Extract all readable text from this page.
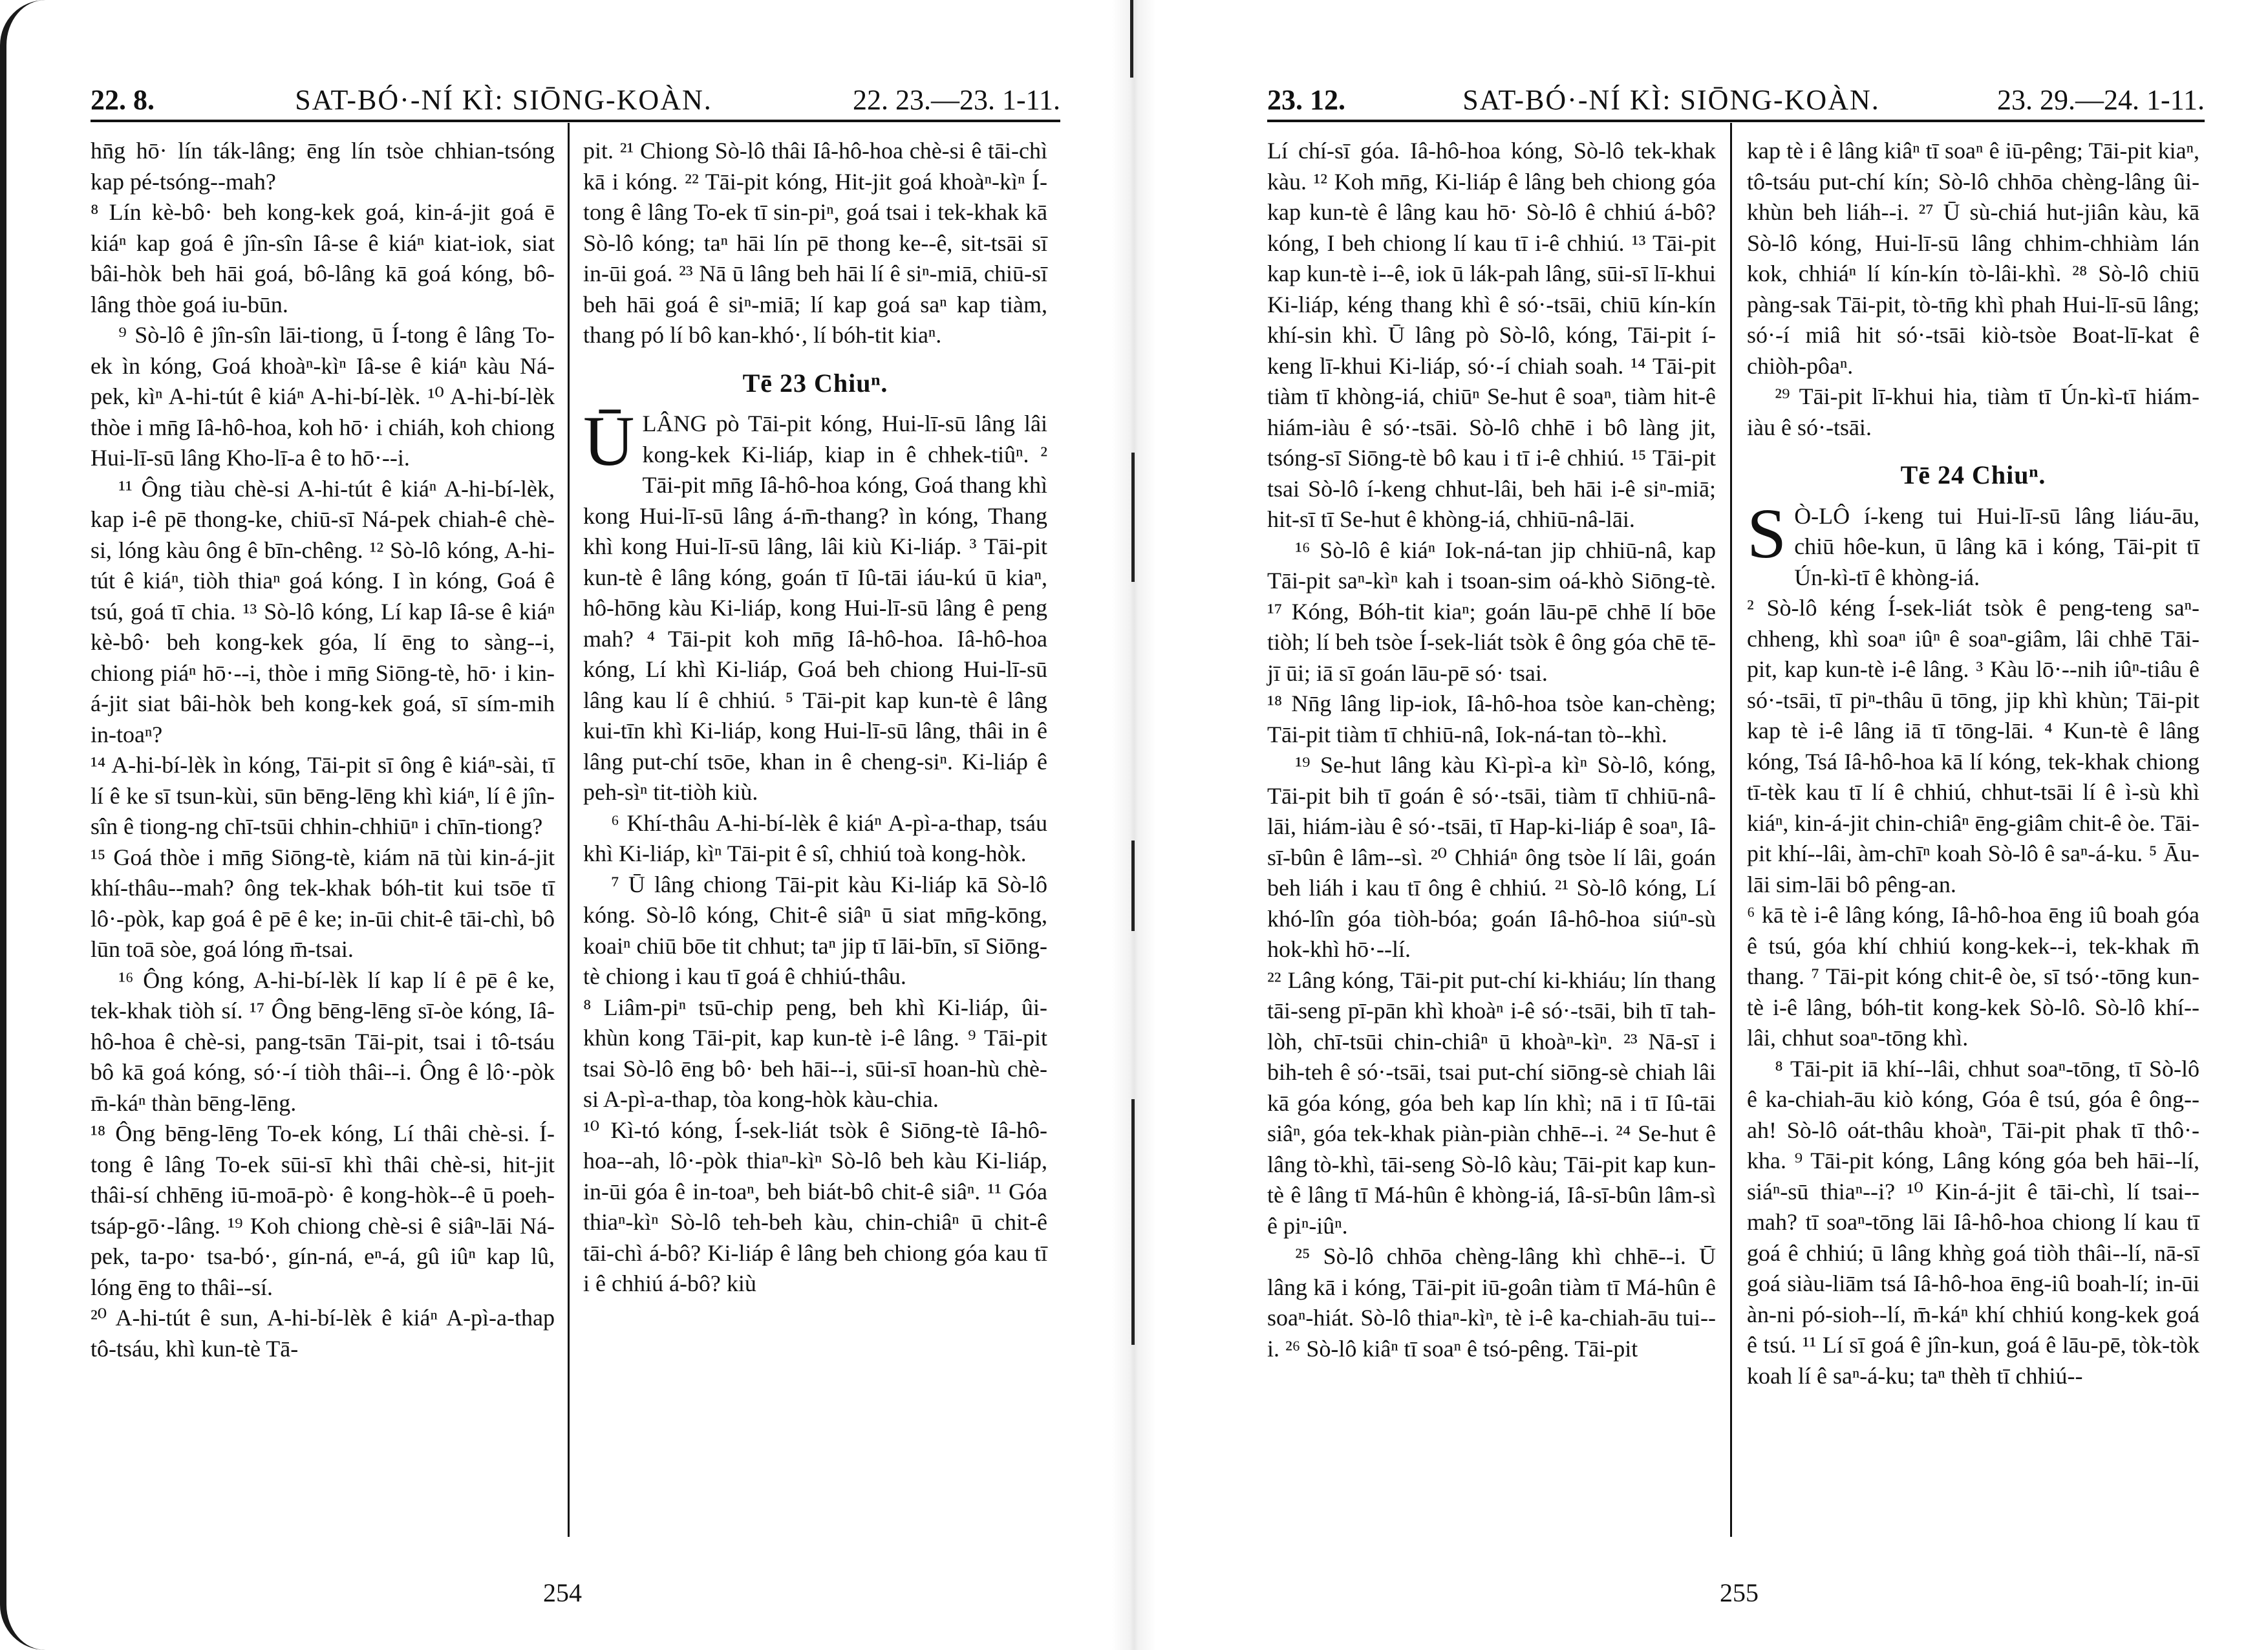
22. 8.	SAT-BÓ·-NÍ KÌ: SIŌNG-KOÀN.	22. 23.—23. 1-11.

hn̄g hō· lín ták-lâng; ēng lín tsòe chhian-tsóng kap pé-tsóng--mah?

⁸ Lín kè-bô· beh kong-kek goá, kin-á-jit goá ē kiáⁿ kap goá ê jîn-sîn Iâ-se ê kiáⁿ kiat-iok, siat bâi-hòk beh hāi goá, bô-lâng kā goá kóng, bô-lâng thòe goá iu-būn.

⁹ Sò-lô ê jîn-sîn lāi-tiong, ū Í-tong ê lâng To-ek ìn kóng, Goá khoàⁿ-kìⁿ Iâ-se ê kiáⁿ kàu Ná-pek, kìⁿ A-hi-tút ê kiáⁿ A-hi-bí-lèk. ¹⁰ A-hi-bí-lèk thòe i mn̄g Iâ-hô-hoa, koh hō· i chiáh, koh chiong Hui-lī-sū lâng Kho-lī-a ê to hō·--i.

¹¹ Ông tiàu chè-si A-hi-tút ê kiáⁿ A-hi-bí-lèk, kap i-ê pē thong-ke, chiū-sī Ná-pek chiah-ê chè-si, lóng kàu ông ê bīn-chêng. ¹² Sò-lô kóng, A-hi-tút ê kiáⁿ, tiòh thiaⁿ goá kóng. I ìn kóng, Goá ê tsú, goá tī chia. ¹³ Sò-lô kóng, Lí kap Iâ-se ê kiáⁿ kè-bô· beh kong-kek góa, lí ēng to sàng--i, chiong piáⁿ hō·--i, thòe i mn̄g Siōng-tè, hō· i kin-á-jit siat bâi-hòk beh kong-kek goá, sī sím-mih in-toaⁿ?

¹⁴ A-hi-bí-lèk ìn kóng, Tāi-pit sī ông ê kiáⁿ-sài, tī lí ê ke sī tsun-kùi, sūn bēng-lēng khì kiáⁿ, lí ê jîn-sîn ê tiong-ng chī-tsūi chhin-chhiūⁿ i chīn-tiong?

¹⁵ Goá thòe i mn̄g Siōng-tè, kiám nā tùi kin-á-jit khí-thâu--mah? ông tek-khak bóh-tit kui tsōe tī lô·-pòk, kap goá ê pē ê ke; in-ūi chit-ê tāi-chì, bô lūn toā sòe, goá lóng m̄-tsai.

¹⁶ Ông kóng, A-hi-bí-lèk lí kap lí ê pē ê ke, tek-khak tiòh sí. ¹⁷ Ông bēng-lēng sī-òe kóng, Iâ-hô-hoa ê chè-si, pang-tsān Tāi-pit, tsai i tô-tsáu bô kā goá kóng, só·-í tiòh thâi--i. Ông ê lô·-pòk m̄-káⁿ thàn bēng-lēng.

¹⁸ Ông bēng-lēng To-ek kóng, Lí thâi chè-si. Í-tong ê lâng To-ek sūi-sī khì thâi chè-si, hit-jit thâi-sí chhēng iū-moā-pò· ê kong-hòk--ê ū poeh-tsáp-gō·-lâng. ¹⁹ Koh chiong chè-si ê siâⁿ-lāi Ná-pek, ta-po· tsa-bó·, gín-ná, eⁿ-á, gû iûⁿ kap lû, lóng ēng to thâi--sí.

²⁰ A-hi-tút ê sun, A-hi-bí-lèk ê kiáⁿ A-pì-a-thap tô-tsáu, khì kun-tè Tā-

pit. ²¹ Chiong Sò-lô thâi Iâ-hô-hoa chè-si ê tāi-chì kā i kóng. ²² Tāi-pit kóng, Hit-jit goá khoàⁿ-kìⁿ Í-tong ê lâng To-ek tī sin-piⁿ, goá tsai i tek-khak kā Sò-lô kóng; taⁿ hāi lín pē thong ke--ê, sit-tsāi sī in-ūi goá. ²³ Nā ū lâng beh hāi lí ê siⁿ-miā, chiū-sī beh hāi goá ê siⁿ-miā; lí kap goá saⁿ kap tiàm, thang pó lí bô kan-khó·, lí bóh-tit kiaⁿ.

Tē 23 Chiuⁿ.

ŪLÂNG pò Tāi-pit kóng, Hui-lī-sū lâng lâi kong-kek Ki-liáp, kiap in ê chhek-tiûⁿ. ² Tāi-pit mn̄g Iâ-hô-hoa kóng, Goá thang khì kong Hui-lī-sū lâng á-m̄-thang? ìn kóng, Thang khì kong Hui-lī-sū lâng, lâi kiù Ki-liáp. ³ Tāi-pit kun-tè ê lâng kóng, goán tī Iû-tāi iáu-kú ū kiaⁿ, hô-hōng kàu Ki-liáp, kong Hui-lī-sū lâng ê peng mah? ⁴ Tāi-pit koh mn̄g Iâ-hô-hoa. Iâ-hô-hoa kóng, Lí khì Ki-liáp, Goá beh chiong Hui-lī-sū lâng kau lí ê chhiú. ⁵ Tāi-pit kap kun-tè ê lâng kui-tīn khì Ki-liáp, kong Hui-lī-sū lâng, thâi in ê lâng put-chí tsōe, khan in ê cheng-siⁿ. Ki-liáp ê peh-sìⁿ tit-tiòh kiù.

⁶ Khí-thâu A-hi-bí-lèk ê kiáⁿ A-pì-a-thap, tsáu khì Ki-liáp, kìⁿ Tāi-pit ê sî, chhiú toà kong-hòk.

⁷ Ū lâng chiong Tāi-pit kàu Ki-liáp kā Sò-lô kóng. Sò-lô kóng, Chit-ê siâⁿ ū siat mn̄g-kōng, koaiⁿ chiū bōe tit chhut; taⁿ jip tī lāi-bīn, sī Siōng-tè chiong i kau tī goá ê chhiú-thâu.

⁸ Liâm-piⁿ tsū-chip peng, beh khì Ki-liáp, ûi-khùn kong Tāi-pit, kap kun-tè i-ê lâng. ⁹ Tāi-pit tsai Sò-lô ēng bô· beh hāi--i, sūi-sī hoan-hù chè-si A-pì-a-thap, tòa kong-hòk kàu-chia.

¹⁰ Kì-tó kóng, Í-sek-liát tsòk ê Siōng-tè Iâ-hô-hoa--ah, lô·-pòk thiaⁿ-kìⁿ Sò-lô beh kàu Ki-liáp, in-ūi góa ê in-toaⁿ, beh biát-bô chit-ê siâⁿ. ¹¹ Góa thiaⁿ-kìⁿ Sò-lô teh-beh kàu, chin-chiâⁿ ū chit-ê tāi-chì á-bô? Ki-liáp ê lâng beh chiong góa kau tī i ê chhiú á-bô? kiù

254
23. 12.	SAT-BÓ·-NÍ KÌ: SIŌNG-KOÀN.	23. 29.—24. 1-11.

Lí chí-sī góa. Iâ-hô-hoa kóng, Sò-lô tek-khak kàu. ¹² Koh mn̄g, Ki-liáp ê lâng beh chiong góa kap kun-tè ê lâng kau hō· Sò-lô ê chhiú á-bô? kóng, I beh chiong lí kau tī i-ê chhiú. ¹³ Tāi-pit kap kun-tè i--ê, iok ū lák-pah lâng, sūi-sī lī-khui Ki-liáp, kéng thang khì ê só·-tsāi, chiū kín-kín khí-sin khì. Ū lâng pò Sò-lô, kóng, Tāi-pit í-keng lī-khui Ki-liáp, só·-í chiah soah. ¹⁴ Tāi-pit tiàm tī khòng-iá, chiūⁿ Se-hut ê soaⁿ, tiàm hit-ê hiám-iàu ê só·-tsāi. Sò-lô chhē i bô làng jit, tsóng-sī Siōng-tè bô kau i tī i-ê chhiú. ¹⁵ Tāi-pit tsai Sò-lô í-keng chhut-lâi, beh hāi i-ê siⁿ-miā; hit-sī tī Se-hut ê khòng-iá, chhiū-nâ-lāi.

¹⁶ Sò-lô ê kiáⁿ Iok-ná-tan jip chhiū-nâ, kap Tāi-pit saⁿ-kìⁿ kah i tsoan-sim oá-khò Siōng-tè. ¹⁷ Kóng, Bóh-tit kiaⁿ; goán lāu-pē chhē lí bōe tiòh; lí beh tsòe Í-sek-liát tsòk ê ông góa chē tē-jī ūi; iā sī goán lāu-pē só· tsai.

¹⁸ Nn̄g lâng lip-iok, Iâ-hô-hoa tsòe kan-chèng; Tāi-pit tiàm tī chhiū-nâ, Iok-ná-tan tò--khì.

¹⁹ Se-hut lâng kàu Kì-pì-a kìⁿ Sò-lô, kóng, Tāi-pit bih tī goán ê só·-tsāi, tiàm tī chhiū-nâ-lāi, hiám-iàu ê só·-tsāi, tī Hap-ki-liáp ê soaⁿ, Iâ-sī-bûn ê lâm--sì. ²⁰ Chhiáⁿ ông tsòe lí lâi, goán beh liáh i kau tī ông ê chhiú. ²¹ Sò-lô kóng, Lí khó-lîn góa tiòh-bóa; goán Iâ-hô-hoa siúⁿ-sù hok-khì hō·--lí.

²² Lâng kóng, Tāi-pit put-chí ki-khiáu; lín thang tāi-seng pī-pān khì khoàⁿ i-ê só·-tsāi, bih tī tah-lòh, chī-tsūi chin-chiâⁿ ū khoàⁿ-kìⁿ. ²³ Nā-sī i bih-teh ê só·-tsāi, tsai put-chí siōng-sè chiah lâi kā góa kóng, góa beh kap lín khì; nā i tī Iû-tāi siâⁿ, góa tek-khak piàn-piàn chhē--i. ²⁴ Se-hut ê lâng tò-khì, tāi-seng Sò-lô kàu; Tāi-pit kap kun-tè ê lâng tī Má-hûn ê khòng-iá, Iâ-sī-bûn lâm-sì ê piⁿ-iûⁿ.

²⁵ Sò-lô chhōa chèng-lâng khì chhē--i. Ū lâng kā i kóng, Tāi-pit iū-goân tiàm tī Má-hûn ê soaⁿ-hiát. Sò-lô thiaⁿ-kìⁿ, tè i-ê ka-chiah-āu tui--i. ²⁶ Sò-lô kiâⁿ tī soaⁿ ê tsó-pêng. Tāi-pit

kap tè i ê lâng kiâⁿ tī soaⁿ ê iū-pêng; Tāi-pit kiaⁿ, tô-tsáu put-chí kín; Sò-lô chhōa chèng-lâng ûi-khùn beh liáh--i. ²⁷ Ū sù-chiá hut-jiân kàu, kā Sò-lô kóng, Hui-lī-sū lâng chhim-chhiàm lán kok, chhiáⁿ lí kín-kín tò-lâi-khì. ²⁸ Sò-lô chiū pàng-sak Tāi-pit, tò-tn̄g khì phah Hui-lī-sū lâng; só·-í miâ hit só·-tsāi kiò-tsòe Boat-lī-kat ê chiòh-pôaⁿ.

²⁹ Tāi-pit lī-khui hia, tiàm tī Ún-kì-tī hiám-iàu ê só·-tsāi.

Tē 24 Chiuⁿ.

S Ò-LÔ í-keng tui Hui-lī-sū lâng liáu-āu, chiū hôe-kun, ū lâng kā i kóng, Tāi-pit tī Ún-kì-tī ê khòng-iá.

² Sò-lô kéng Í-sek-liát tsòk ê peng-teng saⁿ-chheng, khì soaⁿ iûⁿ ê soaⁿ-giâm, lâi chhē Tāi-pit, kap kun-tè i-ê lâng. ³ Kàu lō·--nih iûⁿ-tiâu ê só·-tsāi, tī piⁿ-thâu ū tōng, jip khì khùn; Tāi-pit kap tè i-ê lâng iā tī tōng-lāi. ⁴ Kun-tè ê lâng kóng, Tsá Iâ-hô-hoa kā lí kóng, tek-khak chiong tī-tèk kau tī lí ê chhiú, chhut-tsāi lí ê ì-sù khì kiáⁿ, kin-á-jit chin-chiâⁿ ēng-giâm chit-ê òe. Tāi-pit khí--lâi, àm-chīⁿ koah Sò-lô ê saⁿ-á-ku. ⁵ Āu-lāi sim-lāi bô pêng-an.

⁶ kā tè i-ê lâng kóng, Iâ-hô-hoa ēng iû boah góa ê tsú, góa khí chhiú kong-kek--i, tek-khak m̄ thang. ⁷ Tāi-pit kóng chit-ê òe, sī tsó·-tōng kun-tè i-ê lâng, bóh-tit kong-kek Sò-lô. Sò-lô khí--lâi, chhut soaⁿ-tōng khì.

⁸ Tāi-pit iā khí--lâi, chhut soaⁿ-tōng, tī Sò-lô ê ka-chiah-āu kiò kóng, Góa ê tsú, góa ê ông--ah! Sò-lô oát-thâu khoàⁿ, Tāi-pit phak tī thô·-kha. ⁹ Tāi-pit kóng, Lâng kóng góa beh hāi--lí, siáⁿ-sū thiaⁿ--i? ¹⁰ Kin-á-jit ê tāi-chì, lí tsai--mah? tī soaⁿ-tōng lāi Iâ-hô-hoa chiong lí kau tī goá ê chhiú; ū lâng khǹg goá tiòh thâi--lí, nā-sī goá siàu-liām tsá Iâ-hô-hoa ēng-iû boah-lí; in-ūi àn-ni pó-sioh--lí, m̄-káⁿ khí chhiú kong-kek goá ê tsú. ¹¹ Lí sī goá ê jîn-kun, goá ê lāu-pē, tòk-tòk koah lí ê saⁿ-á-ku; taⁿ thèh tī chhiú--

255
